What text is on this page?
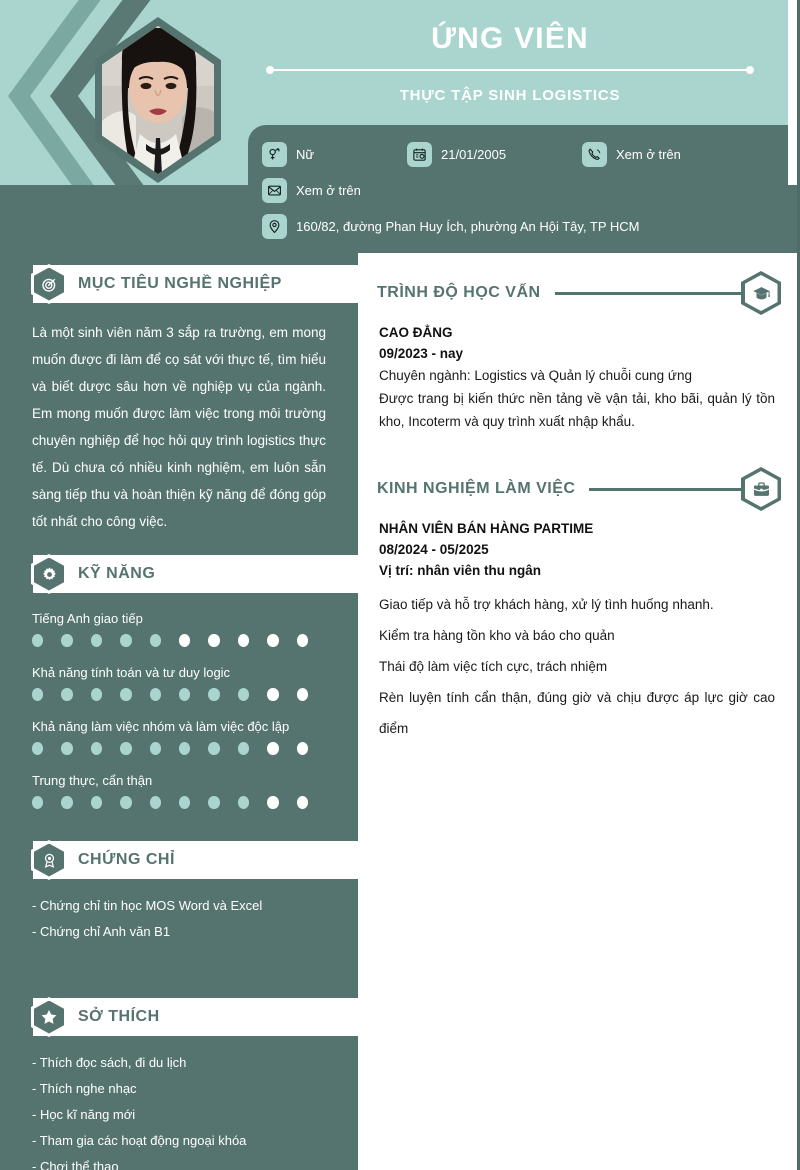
ỨNG VIÊN
THỰC TẬP SINH LOGISTICS
Nữ	21/01/2005	Xem ở trên
Xem ở trên
160/82, đường Phan Huy Ích, phường An Hội Tây, TP HCM
MỤC TIÊU NGHỀ NGHIỆP
Là một sinh viên năm 3 sắp ra trường, em mong muốn được đi làm để cọ sát với thực tế, tìm hiểu và biết dược sâu hơn về nghiệp vụ của ngành. Em mong muốn được làm việc trong môi trường chuyên nghiệp để học hỏi quy trình logistics thực tế. Dù chưa có nhiều kinh nghiệm, em luôn sẵn sàng tiếp thu và hoàn thiện kỹ năng để đóng góp tốt nhất cho công việc.
KỸ NĂNG
Tiếng Anh giao tiếp
Khả năng tính toán và tư duy logic
Khả năng làm việc nhóm và làm việc độc lập
Trung thực, cẩn thận
CHỨNG CHỈ
- Chứng chỉ tin học MOS Word và Excel
- Chứng chỉ Anh văn B1
SỞ THÍCH
- Thích đọc sách, đi du lịch
- Thích nghe nhạc
- Học kĩ năng mới
- Tham gia các hoạt động ngoại khóa
- Chơi thể thao
TRÌNH ĐỘ HỌC VẤN
CAO ĐẲNG
09/2023 - nay
Chuyên ngành: Logistics và Quản lý chuỗi cung ứng
Được trang bị kiến thức nền tảng về vận tải, kho bãi, quản lý tồn kho, Incoterm và quy trình xuất nhập khẩu.
KINH NGHIỆM LÀM VIỆC
NHÂN VIÊN BÁN HÀNG PARTIME
08/2024 - 05/2025
Vị trí: nhân viên thu ngân
Giao tiếp và hỗ trợ khách hàng, xử lý tình huống nhanh.
Kiểm tra hàng tồn kho và báo cho quản
Thái độ làm việc tích cực, trách nhiệm
Rèn luyện tính cẩn thận, đúng giờ và chịu được áp lực giờ cao điểm
